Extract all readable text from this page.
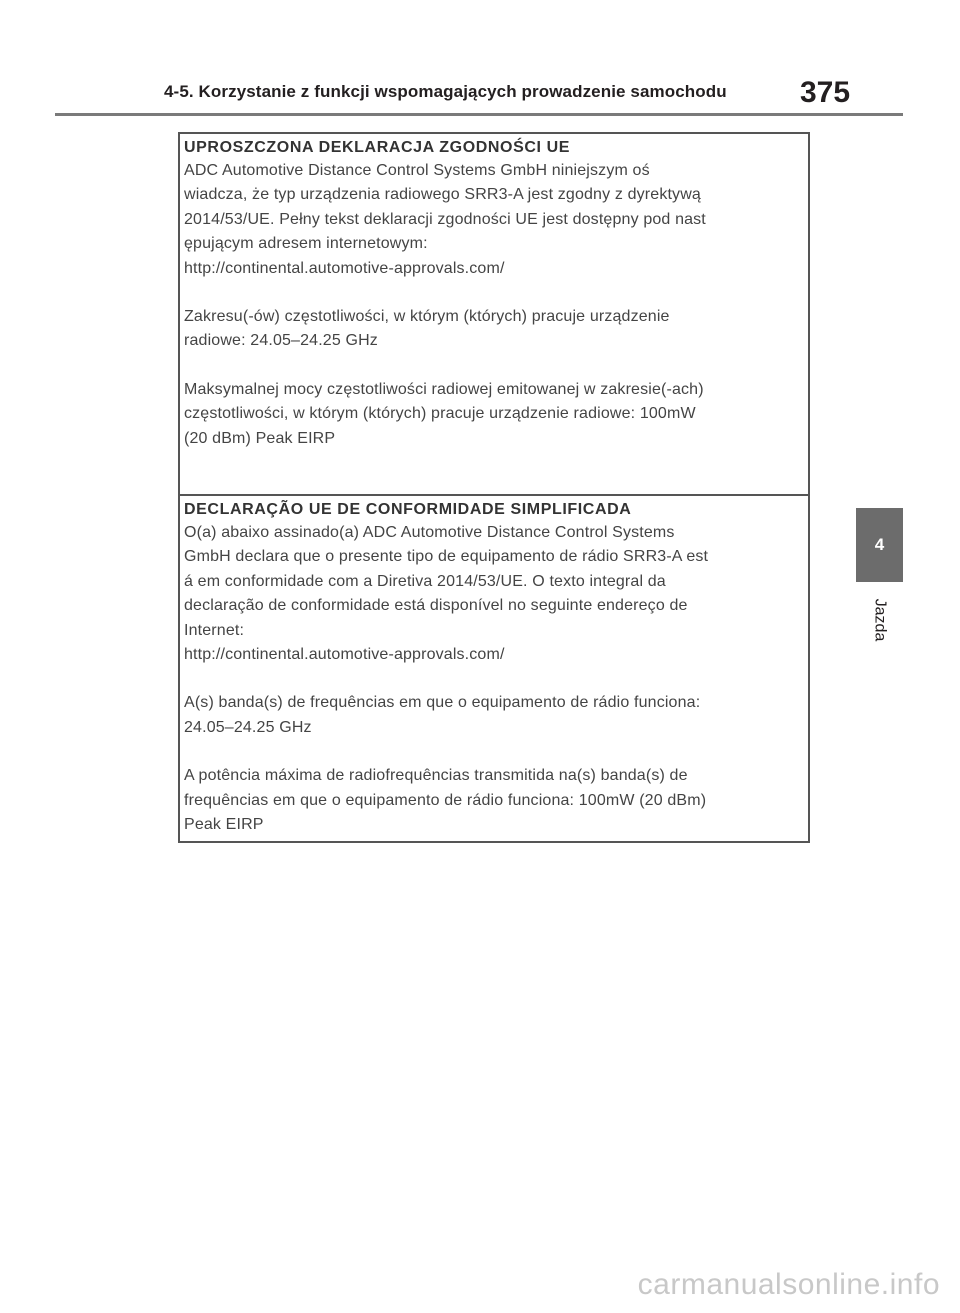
4-5. Korzystanie z funkcji wspomagających prowadzenie samochodu 375
4
Jazda
UPROSZCZONA DEKLARACJA ZGODNOŚCI UE
ADC Automotive Distance Control Systems GmbH niniejszym oś
wiadcza, że typ urządzenia radiowego SRR3-A jest zgodny z dyrektywą
2014/53/UE. Pełny tekst deklaracji zgodności UE jest dostępny pod nast
ępującym adresem internetowym:
http://continental.automotive-approvals.com/
Zakresu(-ów) częstotliwości, w którym (których) pracuje urządzenie
radiowe: 24.05–24.25 GHz
Maksymalnej mocy częstotliwości radiowej emitowanej w zakresie(-ach)
częstotliwości, w którym (których) pracuje urządzenie radiowe: 100mW
(20 dBm) Peak EIRP
DECLARAÇÃO UE DE CONFORMIDADE SIMPLIFICADA
O(a) abaixo assinado(a) ADC Automotive Distance Control Systems
GmbH declara que o presente tipo de equipamento de rádio SRR3-A est
á em conformidade com a Diretiva 2014/53/UE. O texto integral da
declaração de conformidade está disponível no seguinte endereço de
Internet:
http://continental.automotive-approvals.com/
A(s) banda(s) de frequências em que o equipamento de rádio funciona:
24.05–24.25 GHz
A potência máxima de radiofrequências transmitida na(s) banda(s) de
frequências em que o equipamento de rádio funciona: 100mW (20 dBm)
Peak EIRP
carmanualsonline.info
